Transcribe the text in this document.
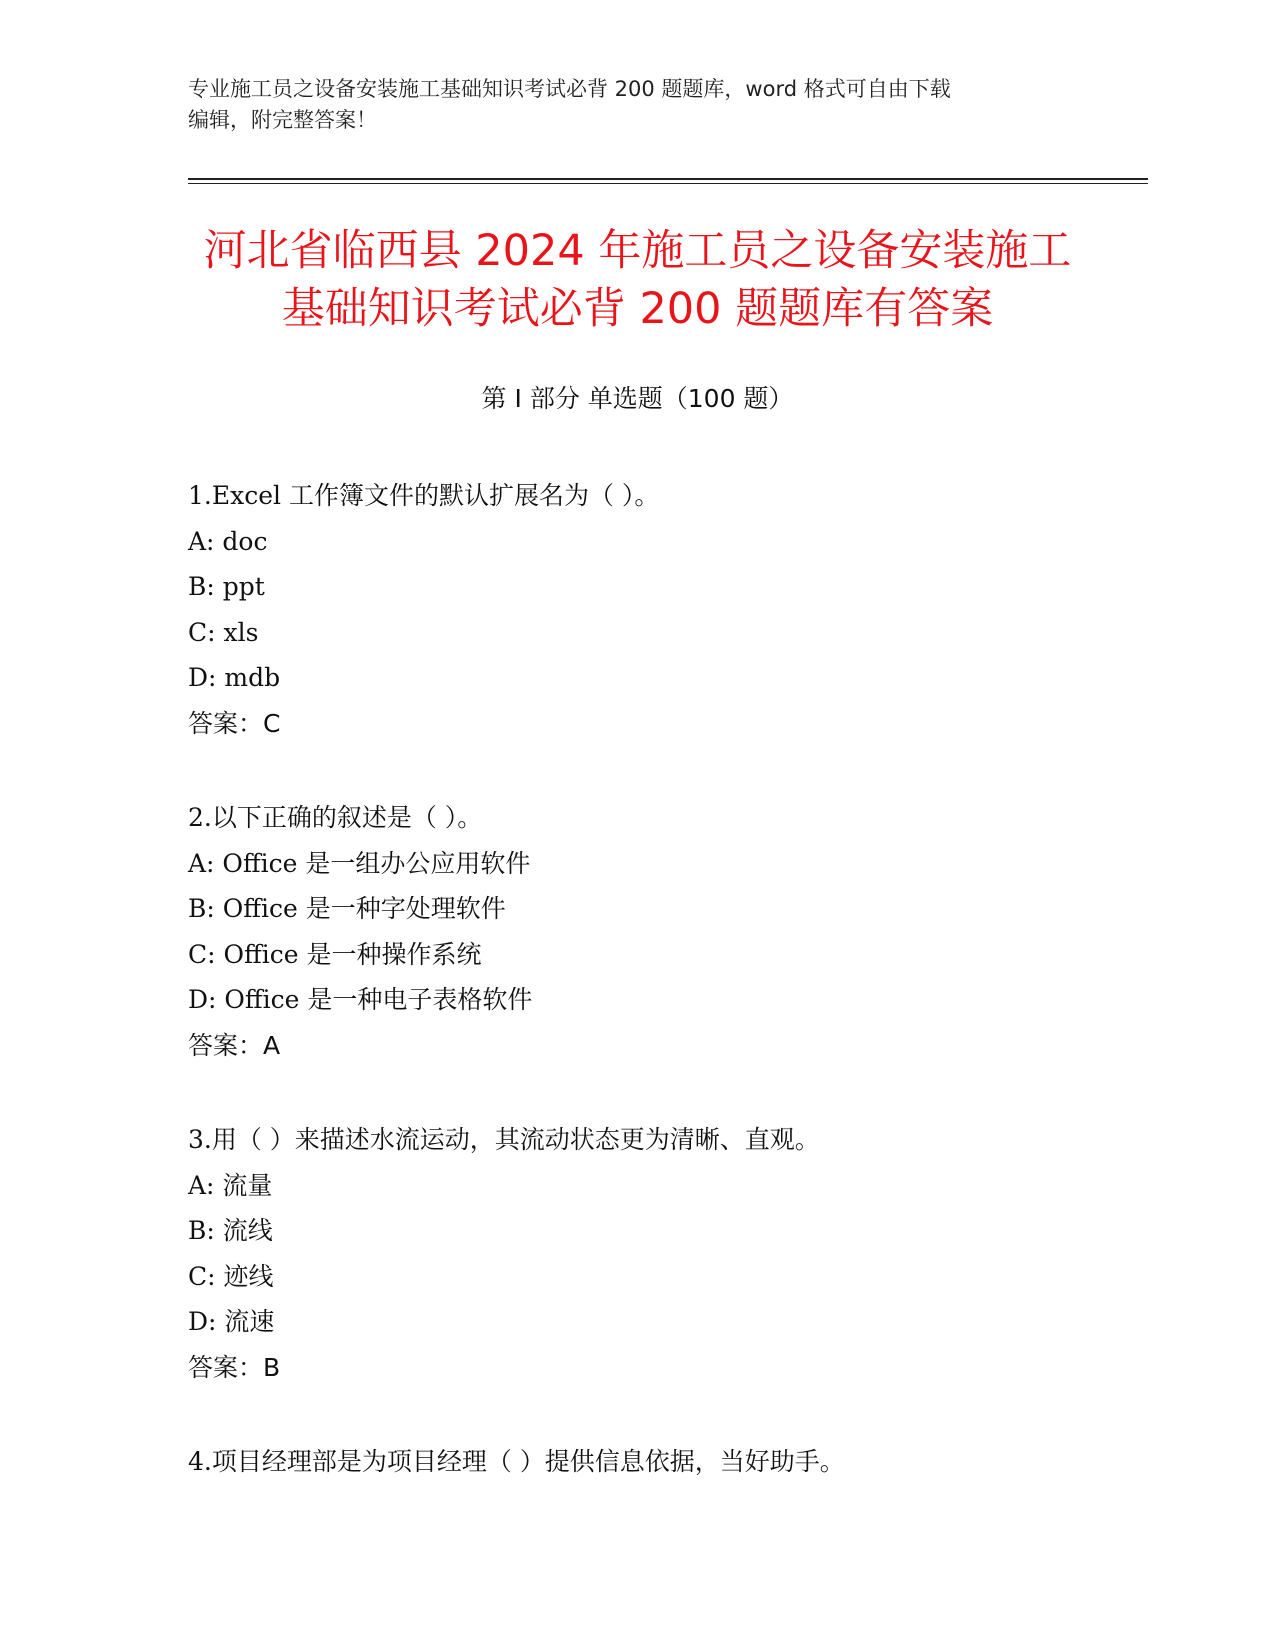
专业施工员之设备安装施工基础知识考试必背 200 题题库，word 格式可自由下载
编辑，附完整答案！
河北省临西县 2024 年施工员之设备安装施工
基础知识考试必背 200 题题库有答案
第 I 部分 单选题（100 题）
1.Excel 工作簿文件的默认扩展名为（ ）。
A: doc
B: ppt
C: xls
D: mdb
答案：C
2.以下正确的叙述是（ ）。
A: Office 是一组办公应用软件
B: Office 是一种字处理软件
C: Office 是一种操作系统
D: Office 是一种电子表格软件
答案：A
3.用（ ）来描述水流运动，其流动状态更为清晰、直观。
A: 流量
B: 流线
C: 迹线
D: 流速
答案：B
4.项目经理部是为项目经理（ ）提供信息依据，当好助手。
